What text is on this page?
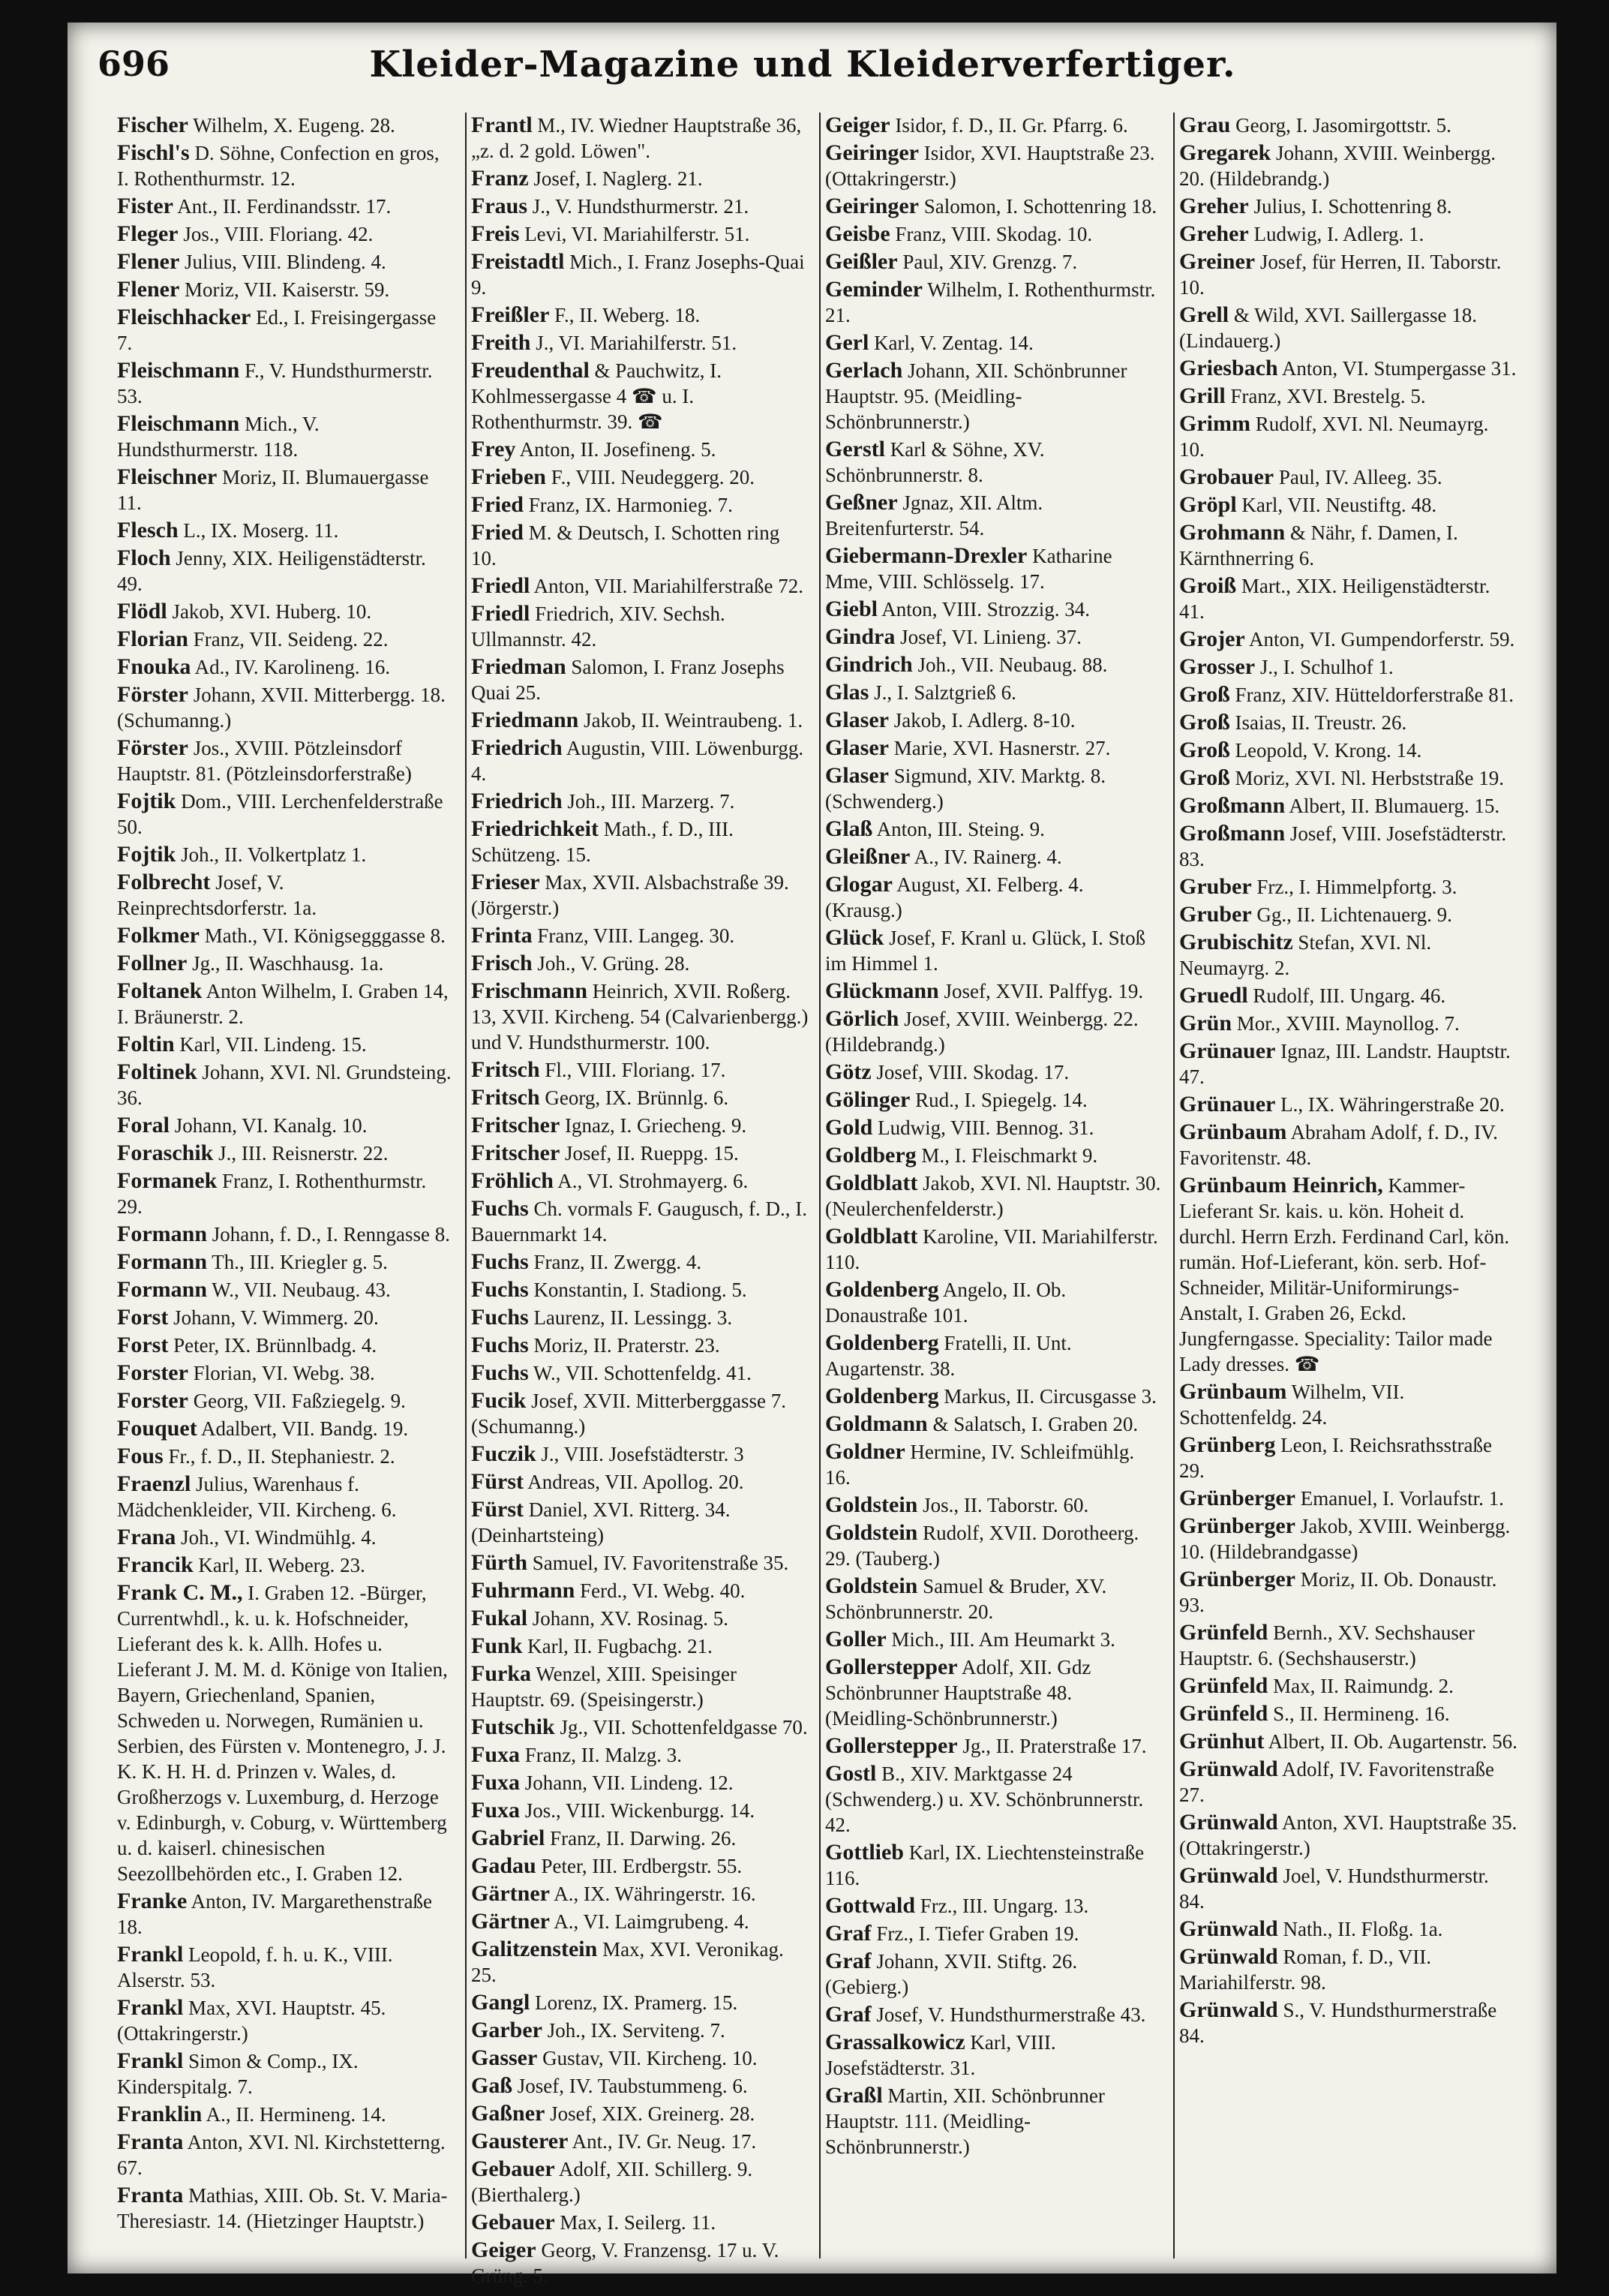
696	Kleider-Magazine und Kleiderverfertiger.
Fischer Wilhelm, X. Eugeng. 28.
Fischl's D. Söhne, Confection en gros, I. Rothenthurmstr. 12.
Fister Ant., II. Ferdinandsstr. 17.
Fleger Jos., VIII. Floriang. 42.
Flener Julius, VIII. Blindeng. 4.
Flener Moriz, VII. Kaiserstr. 59.
Fleischhacker Ed., I. Freisingergasse 7.
Fleischmann F., V. Hundsthurmerstr. 53.
Fleischmann Mich., V. Hundsthurmerstr. 118.
Fleischner Moriz, II. Blumauergasse 11.
Flesch L., IX. Moserg. 11.
Floch Jenny, XIX. Heiligenstädterstr. 49.
Flödl Jakob, XVI. Huberg. 10.
Florian Franz, VII. Seideng. 22.
Fnouka Ad., IV. Karolineng. 16.
Förster Johann, XVII. Mitterbergg. 18. (Schumanng.)
Förster Jos., XVIII. Pötzleinsdorf Hauptstr. 81. (Pötzleinsdorferstraße)
Fojtik Dom., VIII. Lerchenfelderstraße 50.
Fojtik Joh., II. Volkertplatz 1.
Folbrecht Josef, V. Reinprechtsdorferstr. 1a.
Folkmer Math., VI. Königsegggasse 8.
Follner Jg., II. Waschhausg. 1a.
Foltanek Anton Wilhelm, I. Graben 14, I. Bräunerstr. 2.
Foltin Karl, VII. Lindeng. 15.
Foltinek Johann, XVI. Nl. Grundsteing. 36.
Foral Johann, VI. Kanalg. 10.
Foraschik J., III. Reisnerstr. 22.
Formanek Franz, I. Rothenthurmstr. 29.
Formann Johann, f. D., I. Renngasse 8.
Formann Th., III. Kriegler g. 5.
Formann W., VII. Neubaug. 43.
Forst Johann, V. Wimmerg. 20.
Forst Peter, IX. Brünnlbadg. 4.
Forster Florian, VI. Webg. 38.
Forster Georg, VII. Faßziegelg. 9.
Fouquet Adalbert, VII. Bandg. 19.
Fous Fr., f. D., II. Stephaniestr. 2.
Fraenzl Julius, Warenhaus f. Mädchenkleider, VII. Kircheng. 6.
Frana Joh., VI. Windmühlg. 4.
Francik Karl, II. Weberg. 23.
Frank C. M., I. Graben 12. -Bürger, Currentwhdl., k. u. k. Hofschneider, Lieferant des k. k. Allh. Hofes u. Lieferant J. M. M. d. Könige von Italien, Bayern, Griechenland, Spanien, Schweden u. Norwegen, Rumänien u. Serbien, des Fürsten v. Montenegro, J. J. K. K. H. H. d. Prinzen v. Wales, d. Großherzogs v. Luxemburg, d. Herzoge v. Edinburgh, v. Coburg, v. Württemberg u. d. kaiserl. chinesischen Seezollbehörden etc., I. Graben 12.
Franke Anton, IV. Margarethenstraße 18.
Frankl Leopold, f. h. u. K., VIII. Alserstr. 53.
Frankl Max, XVI. Hauptstr. 45. (Ottakringerstr.)
Frankl Simon & Comp., IX. Kinderspitalg. 7.
Franklin A., II. Hermineng. 14.
Franta Anton, XVI. Nl. Kirchstetterng. 67.
Franta Mathias, XIII. Ob. St. V. Maria-Theresiastr. 14. (Hietzinger Hauptstr.)
Frantl M., IV. Wiedner Hauptstraße 36, „z. d. 2 gold. Löwen".
Franz Josef, I. Naglerg. 21.
Fraus J., V. Hundsthurmerstr. 21.
Freis Levi, VI. Mariahilferstr. 51.
Freistadtl Mich., I. Franz Josephs-Quai 9.
Freißler F., II. Weberg. 18.
Freith J., VI. Mariahilferstr. 51.
Freudenthal & Pauchwitz, I. Kohlmessergasse 4 ☎ u. I. Rothenthurmstr. 39. ☎
Frey Anton, II. Josefineng. 5.
Frieben F., VIII. Neudeggerg. 20.
Fried Franz, IX. Harmonieg. 7.
Fried M. & Deutsch, I. Schotten ring 10.
Friedl Anton, VII. Mariahilferstraße 72.
Friedl Friedrich, XIV. Sechsh. Ullmannstr. 42.
Friedman Salomon, I. Franz Josephs Quai 25.
Friedmann Jakob, II. Weintraubeng. 1.
Friedrich Augustin, VIII. Löwenburgg. 4.
Friedrich Joh., III. Marzerg. 7.
Friedrichkeit Math., f. D., III. Schützeng. 15.
Frieser Max, XVII. Alsbachstraße 39. (Jörgerstr.)
Frinta Franz, VIII. Langeg. 30.
Frisch Joh., V. Grüng. 28.
Frischmann Heinrich, XVII. Roßerg. 13, XVII. Kircheng. 54 (Calvarienbergg.) und V. Hundsthurmerstr. 100.
Fritsch Fl., VIII. Floriang. 17.
Fritsch Georg, IX. Brünnlg. 6.
Fritscher Ignaz, I. Griecheng. 9.
Fritscher Josef, II. Rueppg. 15.
Fröhlich A., VI. Strohmayerg. 6.
Fuchs Ch. vormals F. Gaugusch, f. D., I. Bauernmarkt 14.
Fuchs Franz, II. Zwergg. 4.
Fuchs Konstantin, I. Stadiong. 5.
Fuchs Laurenz, II. Lessingg. 3.
Fuchs Moriz, II. Praterstr. 23.
Fuchs W., VII. Schottenfeldg. 41.
Fucik Josef, XVII. Mitterberggasse 7. (Schumanng.)
Fuczik J., VIII. Josefstädterstr. 3
Fürst Andreas, VII. Apollog. 20.
Fürst Daniel, XVI. Ritterg. 34. (Deinhartsteing)
Fürth Samuel, IV. Favoritenstraße 35.
Fuhrmann Ferd., VI. Webg. 40.
Fukal Johann, XV. Rosinag. 5.
Funk Karl, II. Fugbachg. 21.
Furka Wenzel, XIII. Speisinger Hauptstr. 69. (Speisingerstr.)
Futschik Jg., VII. Schottenfeldgasse 70.
Fuxa Franz, II. Malzg. 3.
Fuxa Johann, VII. Lindeng. 12.
Fuxa Jos., VIII. Wickenburgg. 14.
Gabriel Franz, II. Darwing. 26.
Gadau Peter, III. Erdbergstr. 55.
Gärtner A., IX. Währingerstr. 16.
Gärtner A., VI. Laimgrubeng. 4.
Galitzenstein Max, XVI. Veronikag. 25.
Gangl Lorenz, IX. Pramerg. 15.
Garber Joh., IX. Serviteng. 7.
Gasser Gustav, VII. Kircheng. 10.
Gaß Josef, IV. Taubstummeng. 6.
Gaßner Josef, XIX. Greinerg. 28.
Gausterer Ant., IV. Gr. Neug. 17.
Gebauer Adolf, XII. Schillerg. 9. (Bierthalerg.)
Gebauer Max, I. Seilerg. 11.
Geiger Georg, V. Franzensg. 17 u. V. Grüng. 5.
Geiger Isidor, f. D., II. Gr. Pfarrg. 6.
Geiringer Isidor, XVI. Hauptstraße 23. (Ottakringerstr.)
Geiringer Salomon, I. Schottenring 18.
Geisbe Franz, VIII. Skodag. 10.
Geißler Paul, XIV. Grenzg. 7.
Geminder Wilhelm, I. Rothenthurmstr. 21.
Gerl Karl, V. Zentag. 14.
Gerlach Johann, XII. Schönbrunner Hauptstr. 95. (Meidling-Schönbrunnerstr.)
Gerstl Karl & Söhne, XV. Schönbrunnerstr. 8.
Geßner Jgnaz, XII. Altm. Breitenfurterstr. 54.
Giebermann-Drexler Katharine Mme, VIII. Schlösselg. 17.
Giebl Anton, VIII. Strozzig. 34.
Gindra Josef, VI. Linieng. 37.
Gindrich Joh., VII. Neubaug. 88.
Glas J., I. Salztgrieß 6.
Glaser Jakob, I. Adlerg. 8-10.
Glaser Marie, XVI. Hasnerstr. 27.
Glaser Sigmund, XIV. Marktg. 8. (Schwenderg.)
Glaß Anton, III. Steing. 9.
Gleißner A., IV. Rainerg. 4.
Glogar August, XI. Felberg. 4. (Krausg.)
Glück Josef, F. Kranl u. Glück, I. Stoß im Himmel 1.
Glückmann Josef, XVII. Palffyg. 19.
Görlich Josef, XVIII. Weinbergg. 22. (Hildebrandg.)
Götz Josef, VIII. Skodag. 17.
Gölinger Rud., I. Spiegelg. 14.
Gold Ludwig, VIII. Bennog. 31.
Goldberg M., I. Fleischmarkt 9.
Goldblatt Jakob, XVI. Nl. Hauptstr. 30. (Neulerchenfelderstr.)
Goldblatt Karoline, VII. Mariahilferstr. 110.
Goldenberg Angelo, II. Ob. Donaustraße 101.
Goldenberg Fratelli, II. Unt. Augartenstr. 38.
Goldenberg Markus, II. Circusgasse 3.
Goldmann & Salatsch, I. Graben 20.
Goldner Hermine, IV. Schleifmühlg. 16.
Goldstein Jos., II. Taborstr. 60.
Goldstein Rudolf, XVII. Dorotheerg. 29. (Tauberg.)
Goldstein Samuel & Bruder, XV. Schönbrunnerstr. 20.
Goller Mich., III. Am Heumarkt 3.
Gollerstepper Adolf, XII. Gdz Schönbrunner Hauptstraße 48. (Meidling-Schönbrunnerstr.)
Gollerstepper Jg., II. Praterstraße 17.
Gostl B., XIV. Marktgasse 24 (Schwenderg.) u. XV. Schönbrunnerstr. 42.
Gottlieb Karl, IX. Liechtensteinstraße 116.
Gottwald Frz., III. Ungarg. 13.
Graf Frz., I. Tiefer Graben 19.
Graf Johann, XVII. Stiftg. 26. (Gebierg.)
Graf Josef, V. Hundsthurmerstraße 43.
Grassalkowicz Karl, VIII. Josefstädterstr. 31.
Graßl Martin, XII. Schönbrunner Hauptstr. 111. (Meidling-Schönbrunnerstr.)
Grau Georg, I. Jasomirgottstr. 5.
Gregarek Johann, XVIII. Weinbergg. 20. (Hildebrandg.)
Greher Julius, I. Schottenring 8.
Greher Ludwig, I. Adlerg. 1.
Greiner Josef, für Herren, II. Taborstr. 10.
Grell & Wild, XVI. Saillergasse 18. (Lindauerg.)
Griesbach Anton, VI. Stumpergasse 31.
Grill Franz, XVI. Brestelg. 5.
Grimm Rudolf, XVI. Nl. Neumayrg. 10.
Grobauer Paul, IV. Alleeg. 35.
Gröpl Karl, VII. Neustiftg. 48.
Grohmann & Nähr, f. Damen, I. Kärnthnerring 6.
Groiß Mart., XIX. Heiligenstädterstr. 41.
Grojer Anton, VI. Gumpendorferstr. 59.
Grosser J., I. Schulhof 1.
Groß Franz, XIV. Hütteldorferstraße 81.
Groß Isaias, II. Treustr. 26.
Groß Leopold, V. Krong. 14.
Groß Moriz, XVI. Nl. Herbststraße 19.
Großmann Albert, II. Blumauerg. 15.
Großmann Josef, VIII. Josefstädterstr. 83.
Gruber Frz., I. Himmelpfortg. 3.
Gruber Gg., II. Lichtenauerg. 9.
Grubischitz Stefan, XVI. Nl. Neumayrg. 2.
Gruedl Rudolf, III. Ungarg. 46.
Grün Mor., XVIII. Maynollog. 7.
Grünauer Ignaz, III. Landstr. Hauptstr. 47.
Grünauer L., IX. Währingerstraße 20.
Grünbaum Abraham Adolf, f. D., IV. Favoritenstr. 48.
Grünbaum Heinrich, Kammer-Lieferant Sr. kais. u. kön. Hoheit d. durchl. Herrn Erzh. Ferdinand Carl, kön. rumän. Hof-Lieferant, kön. serb. Hof-Schneider, Militär-Uniformirungs-Anstalt, I. Graben 26, Eckd. Jungferngasse. Speciality: Tailor made Lady dresses. ☎
Grünbaum Wilhelm, VII. Schottenfeldg. 24.
Grünberg Leon, I. Reichsrathsstraße 29.
Grünberger Emanuel, I. Vorlaufstr. 1.
Grünberger Jakob, XVIII. Weinbergg. 10. (Hildebrandgasse)
Grünberger Moriz, II. Ob. Donaustr. 93.
Grünfeld Bernh., XV. Sechshauser Hauptstr. 6. (Sechshauserstr.)
Grünfeld Max, II. Raimundg. 2.
Grünfeld S., II. Hermineng. 16.
Grünhut Albert, II. Ob. Augartenstr. 56.
Grünwald Adolf, IV. Favoritenstraße 27.
Grünwald Anton, XVI. Hauptstraße 35. (Ottakringerstr.)
Grünwald Joel, V. Hundsthurmerstr. 84.
Grünwald Nath., II. Floßg. 1a.
Grünwald Roman, f. D., VII. Mariahilferstr. 98.
Grünwald S., V. Hundsthurmerstraße 84.
